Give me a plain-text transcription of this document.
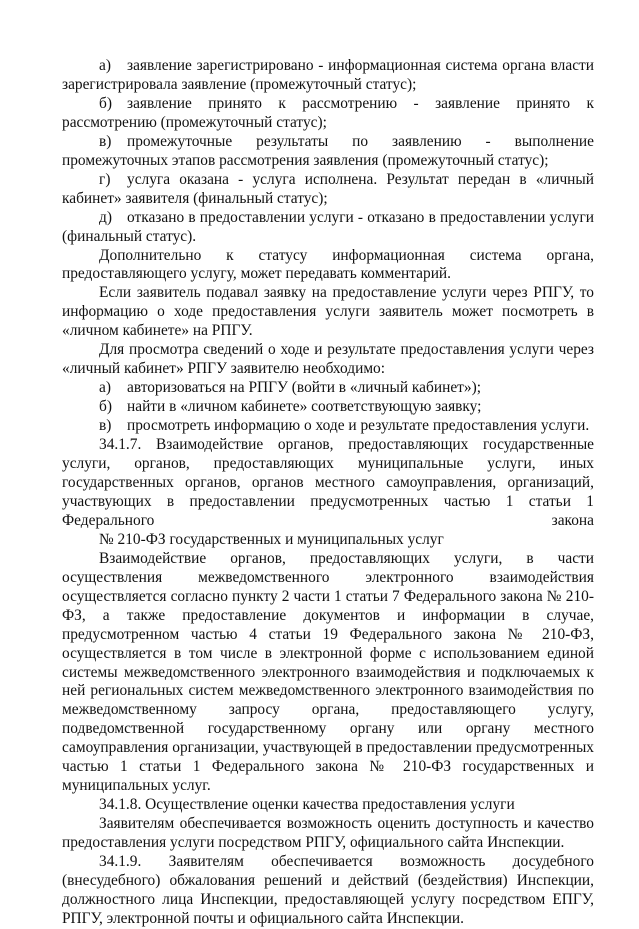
а) заявление зарегистрировано - информационная система органа власти зарегистрировала заявление (промежуточный статус);

б) заявление принято к рассмотрению - заявление принято к рассмотрению (промежуточный статус);

в) промежуточные результаты по заявлению - выполнение промежуточных этапов рассмотрения заявления (промежуточный статус);

г) услуга оказана - услуга исполнена. Результат передан в «личный кабинет» заявителя (финальный статус);

д) отказано в предоставлении услуги - отказано в предоставлении услуги (финальный статус).

Дополнительно к статусу информационная система органа, предоставляющего услугу, может передавать комментарий.

Если заявитель подавал заявку на предоставление услуги через РПГУ, то информацию о ходе предоставления услуги заявитель может посмотреть в «личном кабинете» на РПГУ.

Для просмотра сведений о ходе и результате предоставления услуги через «личный кабинет» РПГУ заявителю необходимо:

а) авторизоваться на РПГУ (войти в «личный кабинет»);

б) найти в «личном кабинете» соответствующую заявку;

в) просмотреть информацию о ходе и результате предоставления услуги.

34.1.7. Взаимодействие органов, предоставляющих государственные услуги, органов, предоставляющих муниципальные услуги, иных государственных органов, органов местного самоуправления, организаций, участвующих в предоставлении предусмотренных частью 1 статьи 1 Федерального закона

№ 210-ФЗ государственных и муниципальных услуг

Взаимодействие органов, предоставляющих услуги, в части осуществления межведомственного электронного взаимодействия осуществляется согласно пункту 2 части 1 статьи 7 Федерального закона № 210-ФЗ, а также предоставление документов и информации в случае, предусмотренном частью 4 статьи 19 Федерального закона № 210-ФЗ, осуществляется в том числе в электронной форме с использованием единой системы межведомственного электронного взаимодействия и подключаемых к ней региональных систем межведомственного электронного взаимодействия по межведомственному запросу органа, предоставляющего услугу, подведомственной государственному органу или органу местного самоуправления организации, участвующей в предоставлении предусмотренных частью 1 статьи 1 Федерального закона № 210-ФЗ государственных и муниципальных услуг.

34.1.8. Осуществление оценки качества предоставления услуги

Заявителям обеспечивается возможность оценить доступность и качество предоставления услуги посредством РПГУ, официального сайта Инспекции.

34.1.9. Заявителям обеспечивается возможность досудебного (внесудебного) обжалования решений и действий (бездействия) Инспекции, должностного лица Инспекции, предоставляющей услугу посредством ЕПГУ, РПГУ, электронной почты и официального сайта Инспекции.
